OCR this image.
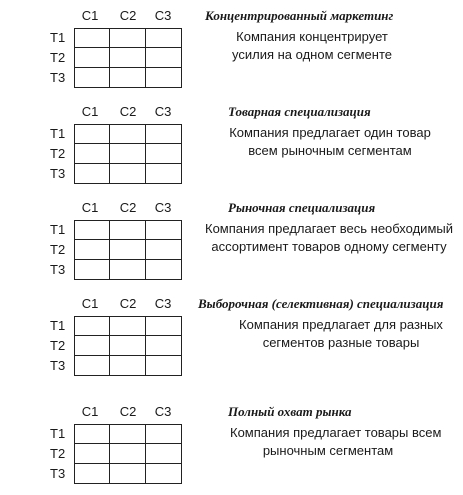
C1	C2	C3
T1
T2
T3
Концентрированный маркетинг
Компания концентрирует
усилия на одном сегменте
C1	C2	C3
T1
T2
T3
Товарная специализация
Компания предлагает один товар
всем рыночным сегментам
C1	C2	C3
T1
T2
T3
Рыночная специализация
Компания предлагает весь необходимый
ассортимент товаров одному сегменту
C1	C2	C3
T1
T2
T3
Выборочная (селективная) специализация
Компания предлагает для разных
сегментов разные товары
C1	C2	C3
T1
T2
T3
Полный охват рынка
Компания предлагает товары всем
рыночным сегментам
